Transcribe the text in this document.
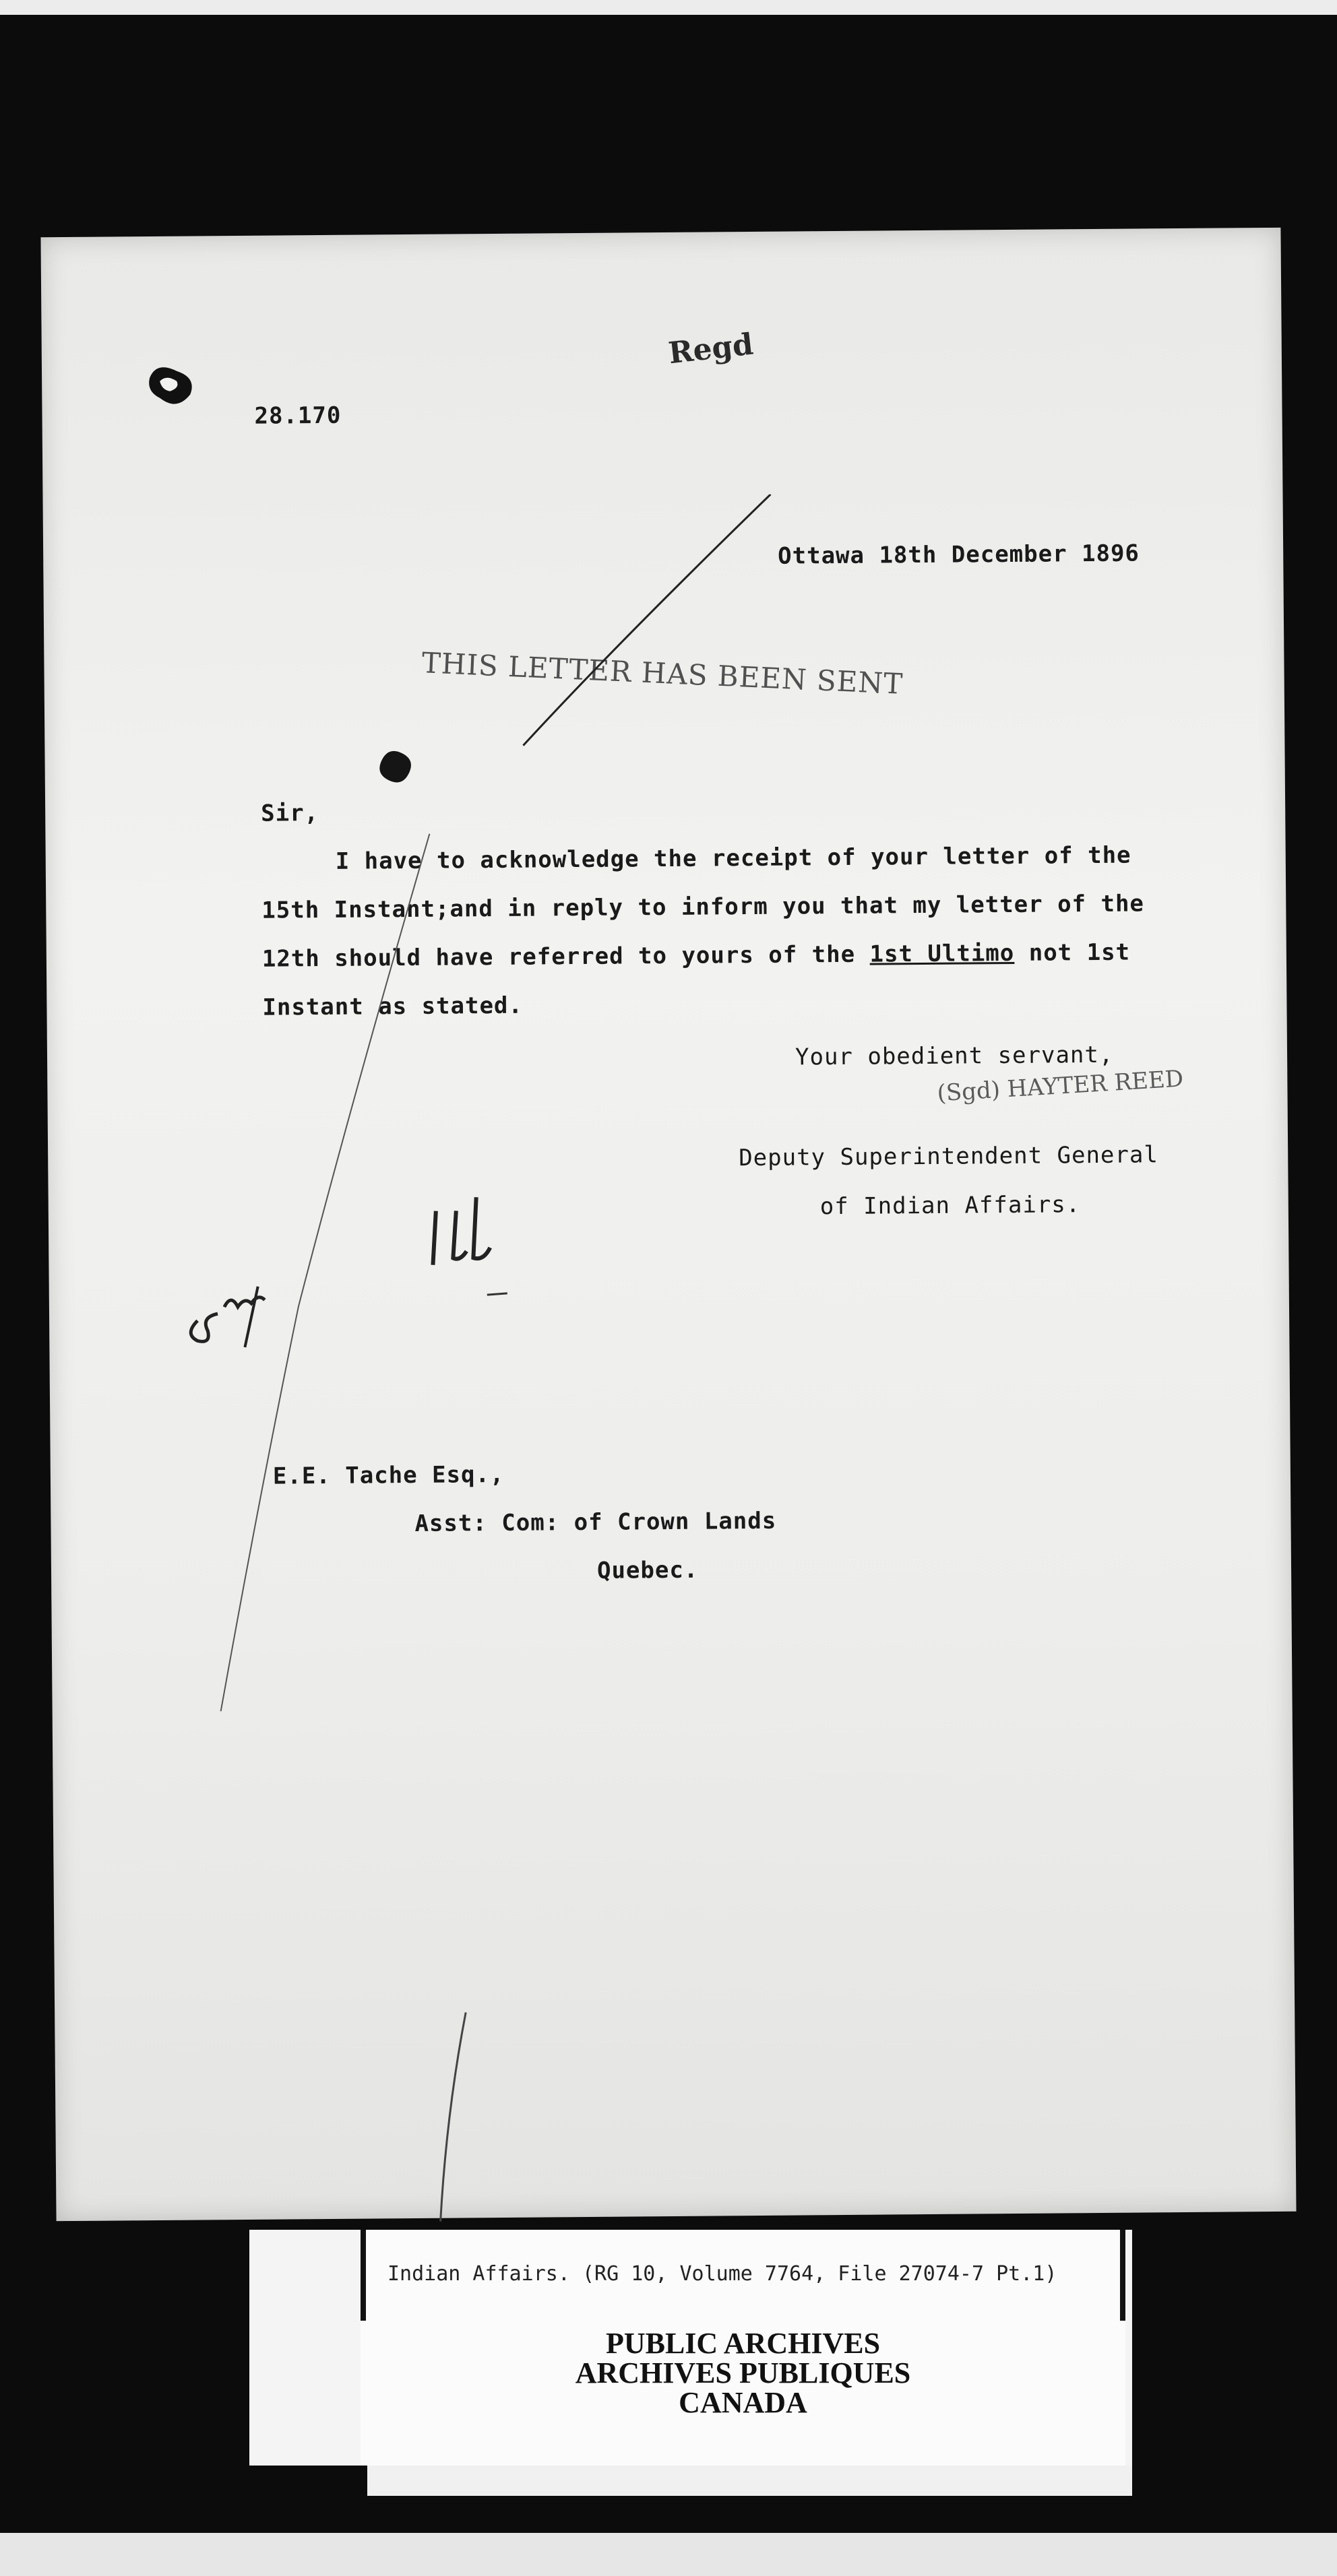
Regd
28.170
Ottawa 18th December 1896
THIS LETTER HAS BEEN SENT
Sir,
I have to acknowledge the receipt of your letter of the
15th Instant;and in reply to inform you that my letter of the
12th should have referred to yours of the 1st Ultimo not 1st
Instant as stated.
Your obedient servant,
(Sgd) HAYTER REED
Deputy Superintendent General
of Indian Affairs.
E.E. Tache Esq.,
Asst: Com: of Crown Lands
Quebec.
Indian Affairs. (RG 10, Volume 7764, File 27074-7 Pt.1)
PUBLIC ARCHIVES
ARCHIVES PUBLIQUES
CANADA
